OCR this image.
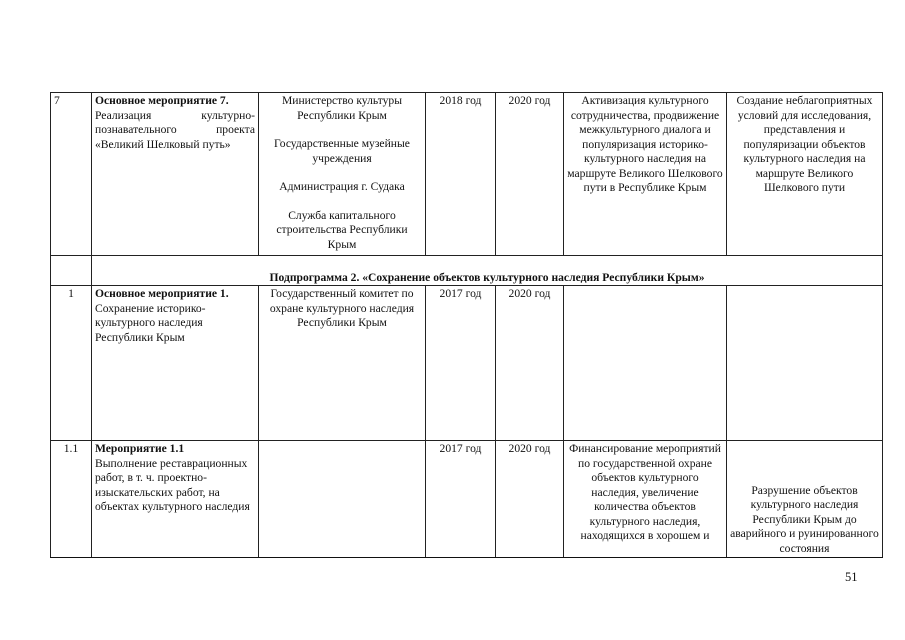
7	Основное мероприятие 7.
Реализация культурно-познавательного проекта «Великий Шелковый путь»	Министерство культуры Республики Крым
Государственные музейные учреждения
Администрация г. Судака
Служба капитального строительства Республики Крым	2018 год	2020 год	Активизация культурного сотрудничества, продвижение межкультурного диалога и популяризация историко-культурного наследия на маршруте Великого Шелкового пути в Республике Крым	Создание неблагоприятных условий для исследования, представления и популяризации объектов культурного наследия на маршруте Великого Шелкового пути
	Подпрограмма 2. «Сохранение объектов культурного наследия Республики Крым»					
1	Основное мероприятие 1.
Сохранение историко-культурного наследия Республики Крым	Государственный комитет по охране культурного наследия Республики Крым	2017 год	2020 год		
1.1	Мероприятие 1.1
Выполнение реставрационных работ, в т. ч. проектно-изыскательских работ, на объектах культурного наследия		2017 год	2020 год	Финансирование мероприятий по государственной охране объектов культурного наследия, увеличение количества объектов культурного наследия, находящихся в хорошем и	Разрушение объектов культурного наследия Республики Крым до аварийного и руинированного состояния
51
